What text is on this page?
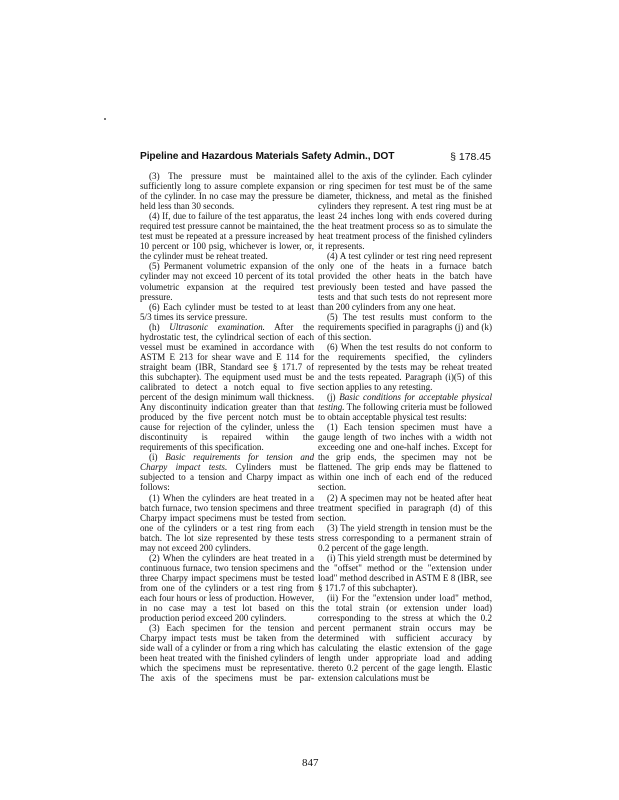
Pipeline and Hazardous Materials Safety Admin., DOT	§ 178.45

(3) The pressure must be maintained sufficiently long to assure complete expansion of the cylinder. In no case may the pressure be held less than 30 seconds.

(4) If, due to failure of the test apparatus, the required test pressure cannot be maintained, the test must be repeated at a pressure increased by 10 percent or 100 psig, whichever is lower, or, the cylinder must be reheat treated.

(5) Permanent volumetric expansion of the cylinder may not exceed 10 percent of its total volumetric expansion at the required test pressure.

(6) Each cylinder must be tested to at least 5/3 times its service pressure.

(h) Ultrasonic examination. After the hydrostatic test, the cylindrical section of each vessel must be examined in accordance with ASTM E 213 for shear wave and E 114 for straight beam (IBR, Standard see § 171.7 of this subchapter). The equipment used must be calibrated to detect a notch equal to five percent of the design minimum wall thickness. Any discontinuity indication greater than that produced by the five percent notch must be cause for rejection of the cylinder, unless the discontinuity is repaired within the requirements of this specification.

(i) Basic requirements for tension and Charpy impact tests. Cylinders must be subjected to a tension and Charpy impact as follows:

(1) When the cylinders are heat treated in a batch furnace, two tension specimens and three Charpy impact specimens must be tested from one of the cylinders or a test ring from each batch. The lot size represented by these tests may not exceed 200 cylinders.

(2) When the cylinders are heat treated in a continuous furnace, two tension specimens and three Charpy impact specimens must be tested from one of the cylinders or a test ring from each four hours or less of production. However, in no case may a test lot based on this production period exceed 200 cylinders.

(3) Each specimen for the tension and Charpy impact tests must be taken from the side wall of a cylinder or from a ring which has been heat treated with the finished cylinders of which the specimens must be representative. The axis of the specimens must be par-

allel to the axis of the cylinder. Each cylinder or ring specimen for test must be of the same diameter, thickness, and metal as the finished cylinders they represent. A test ring must be at least 24 inches long with ends covered during the heat treatment process so as to simulate the heat treatment process of the finished cylinders it represents.

(4) A test cylinder or test ring need represent only one of the heats in a furnace batch provided the other heats in the batch have previously been tested and have passed the tests and that such tests do not represent more than 200 cylinders from any one heat.

(5) The test results must conform to the requirements specified in paragraphs (j) and (k) of this section.

(6) When the test results do not conform to the requirements specified, the cylinders represented by the tests may be reheat treated and the tests repeated. Paragraph (i)(5) of this section applies to any retesting.

(j) Basic conditions for acceptable physical testing. The following criteria must be followed to obtain acceptable physical test results:

(1) Each tension specimen must have a gauge length of two inches with a width not exceeding one and one-half inches. Except for the grip ends, the specimen may not be flattened. The grip ends may be flattened to within one inch of each end of the reduced section.

(2) A specimen may not be heated after heat treatment specified in paragraph (d) of this section.

(3) The yield strength in tension must be the stress corresponding to a permanent strain of 0.2 percent of the gage length.

(i) This yield strength must be determined by the "offset" method or the "extension under load" method described in ASTM E 8 (IBR, see § 171.7 of this subchapter).

(ii) For the "extension under load" method, the total strain (or extension under load) corresponding to the stress at which the 0.2 percent permanent strain occurs may be determined with sufficient accuracy by calculating the elastic extension of the gage length under appropriate load and adding thereto 0.2 percent of the gage length. Elastic extension calculations must be

847
